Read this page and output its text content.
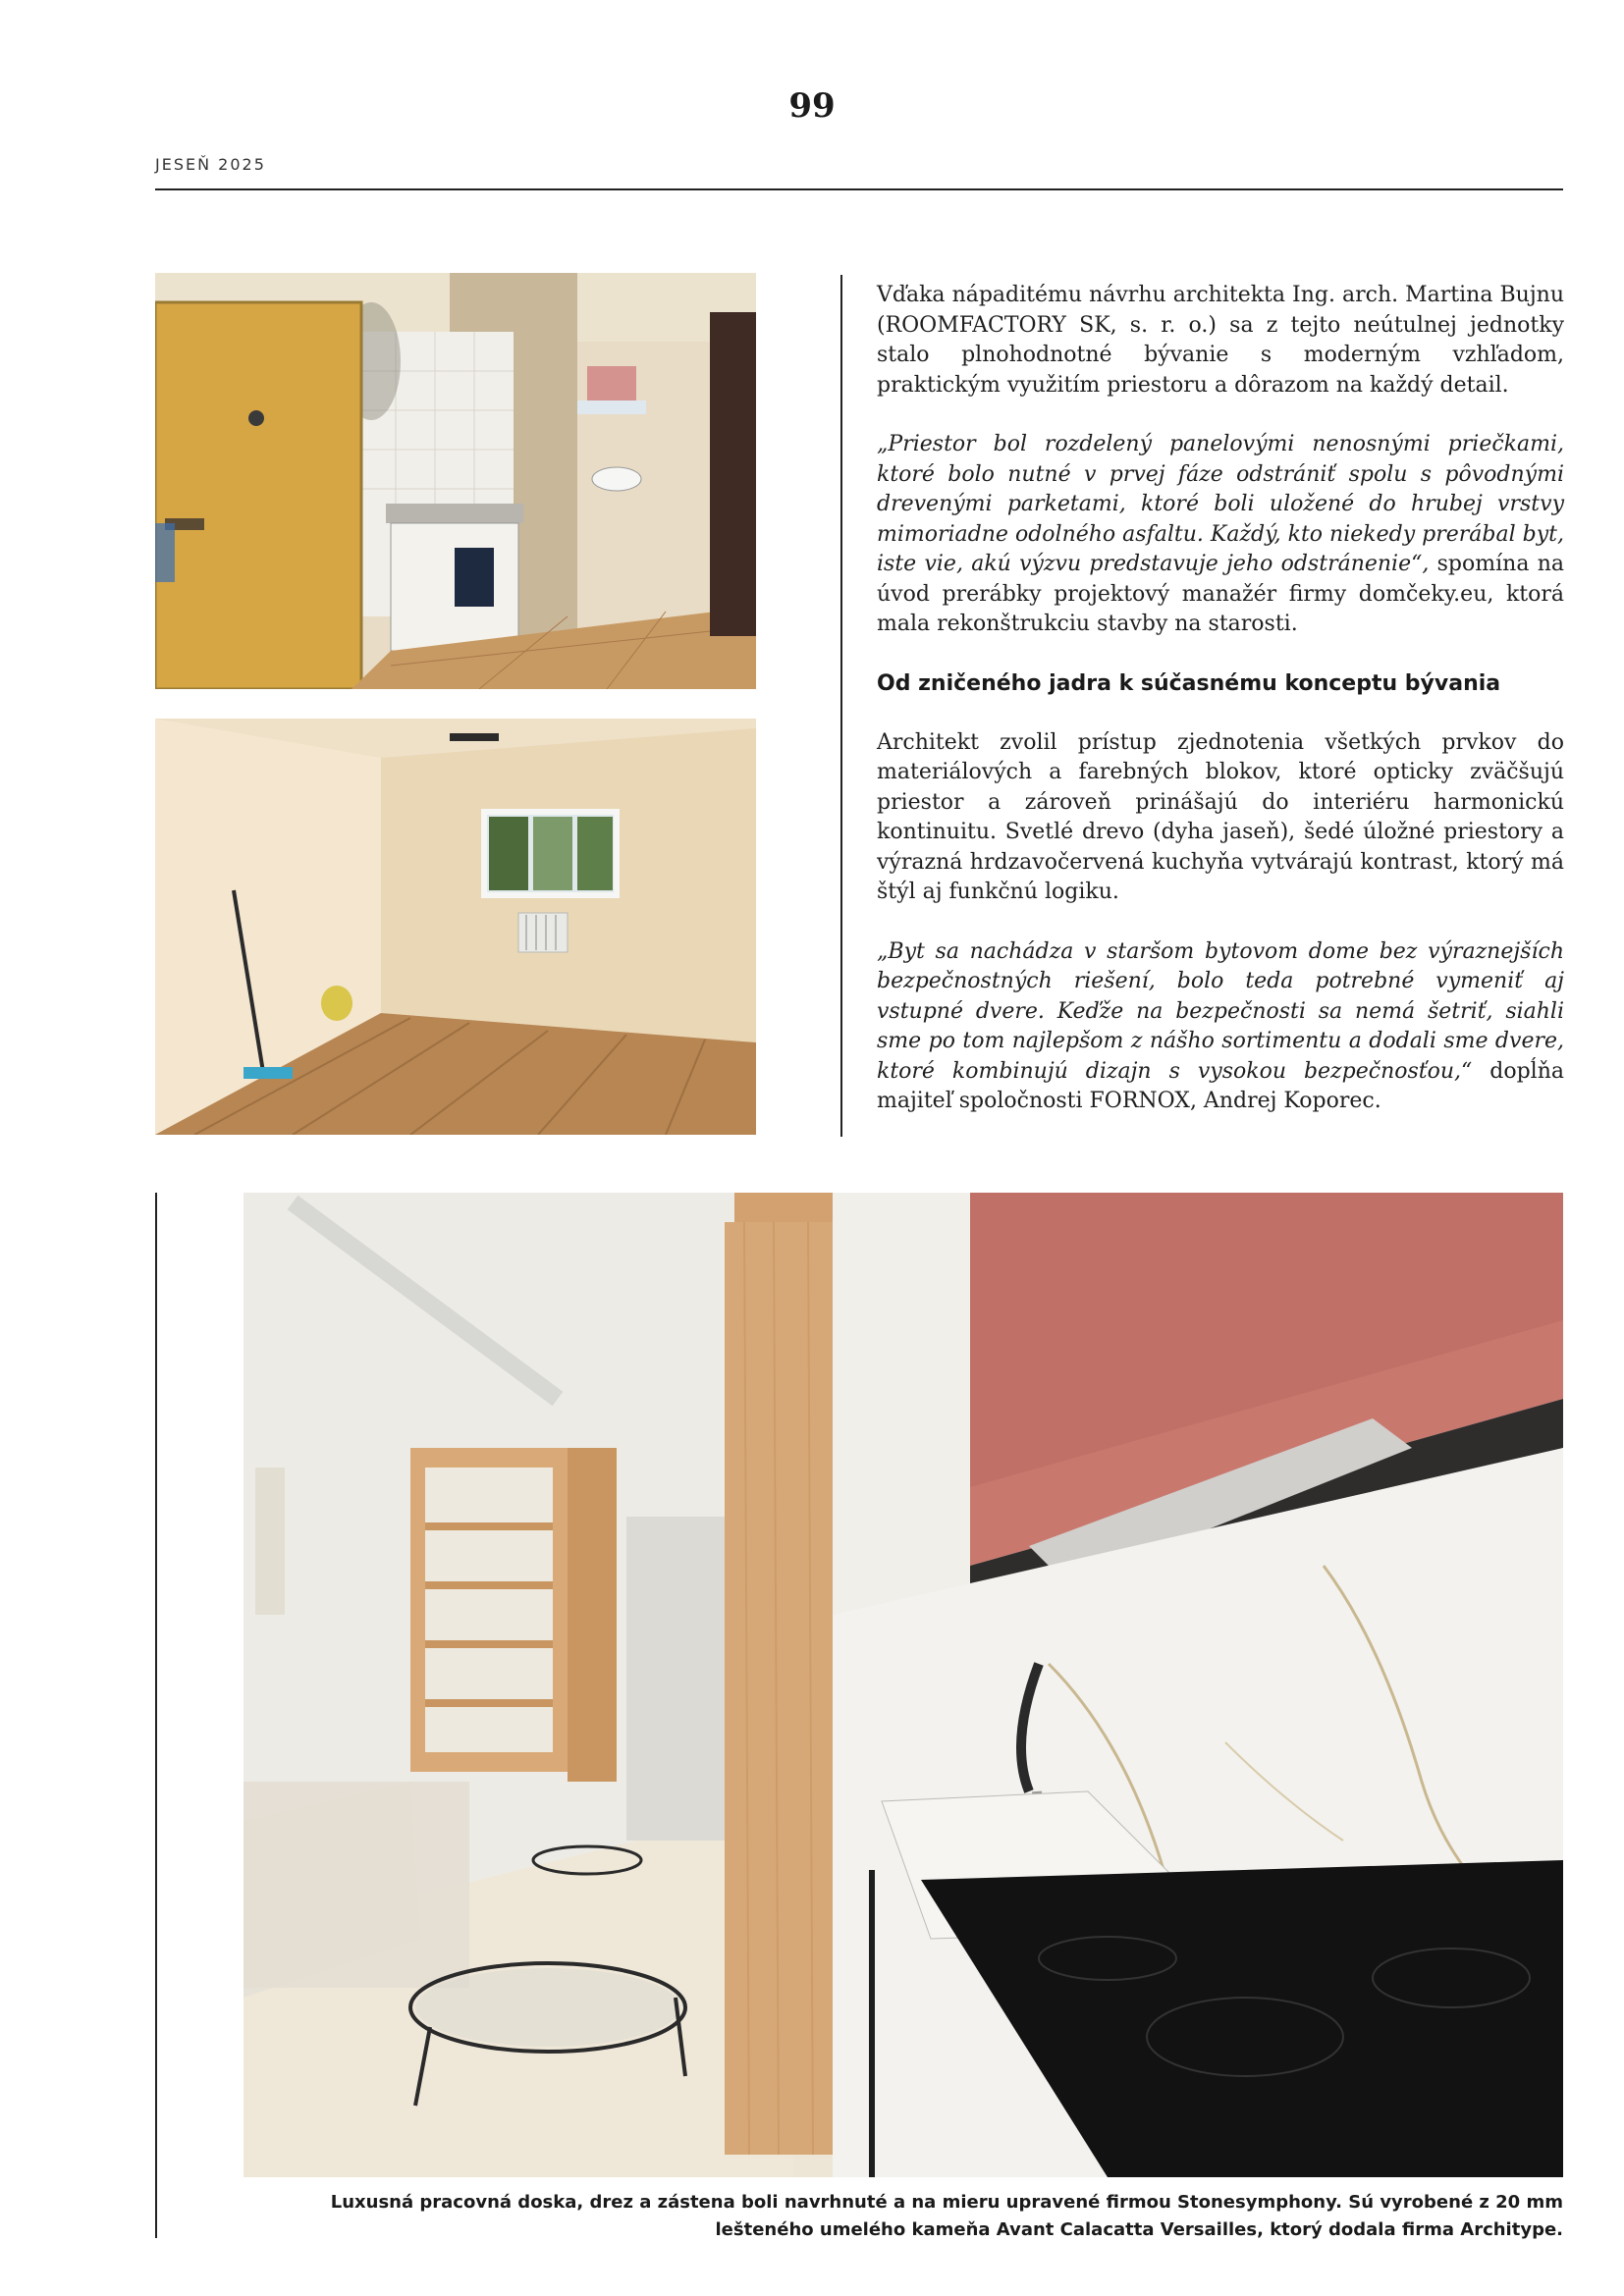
99
JESEŇ 2025

Vďaka nápaditému návrhu architekta Ing. arch. Martina Bujnu (ROOMFACTORY SK, s. r. o.) sa z tejto neútulnej jednotky stalo plnohodnotné bývanie s moderným vzhľadom, praktickým využitím priestoru a dôrazom na každý detail.

„Priestor bol rozdelený panelovými nenosnými priečkami, ktoré bolo nutné v prvej fáze odstrániť spolu s pôvodnými drevenými parketami, ktoré boli uložené do hrubej vrstvy mimoriadne odolného asfaltu. Každý, kto niekedy prerábal byt, iste vie, akú výzvu predstavuje jeho odstránenie“, spomína na úvod prerábky projektový manažér firmy domčeky.eu, ktorá mala rekonštrukciu stavby na starosti.

Od zničeného jadra k súčasnému konceptu bývania

Architekt zvolil prístup zjednotenia všetkých prvkov do materiálových a farebných blokov, ktoré opticky zväčšujú priestor a zároveň prinášajú do interiéru harmonickú kontinuitu. Svetlé drevo (dyha jaseň), šedé úložné priestory a výrazná hrdzavočervená kuchyňa vytvárajú kontrast, ktorý má štýl aj funkčnú logiku.

„Byt sa nachádza v staršom bytovom dome bez výraznejších bezpečnostných riešení, bolo teda potrebné vymeniť aj vstupné dvere. Keďže na bezpečnosti sa nemá šetriť, siahli sme po tom najlepšom z nášho sortimentu a dodali sme dvere, ktoré kombinujú dizajn s vysokou bezpečnosťou,“ dopĺňa majiteľ spoločnosti FORNOX, Andrej Koporec.

Luxusná pracovná doska, drez a zástena boli navrhnuté a na mieru upravené firmou Stonesymphony. Sú vyrobené z 20 mm
lešteného umelého kameňa Avant Calacatta Versailles, ktorý dodala firma Architype.
